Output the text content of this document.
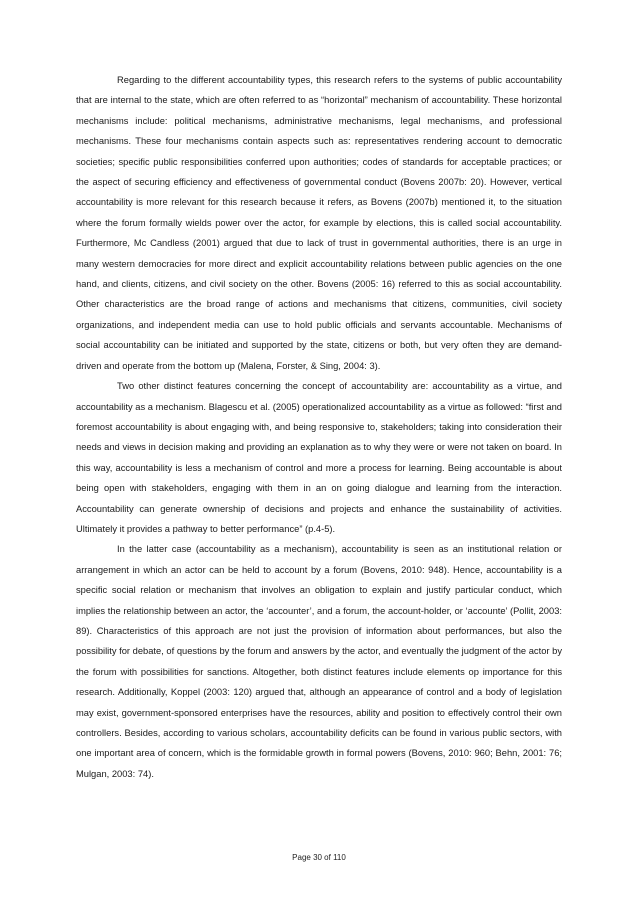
Regarding to the different accountability types, this research refers to the systems of public accountability that are internal to the state, which are often referred to as “horizontal” mechanism of accountability. These horizontal mechanisms include: political mechanisms, administrative mechanisms, legal mechanisms, and professional mechanisms. These four mechanisms contain aspects such as: representatives rendering account to democratic societies; specific public responsibilities conferred upon authorities; codes of standards for acceptable practices; or the aspect of securing efficiency and effectiveness of governmental conduct (Bovens 2007b: 20). However, vertical accountability is more relevant for this research because it refers, as Bovens (2007b) mentioned it, to the situation where the forum formally wields power over the actor, for example by elections, this is called social accountability. Furthermore, Mc Candless (2001) argued that due to lack of trust in governmental authorities, there is an urge in many western democracies for more direct and explicit accountability relations between public agencies on the one hand, and clients, citizens, and civil society on the other. Bovens (2005: 16) referred to this as social accountability. Other characteristics are the broad range of actions and mechanisms that citizens, communities, civil society organizations, and independent media can use to hold public officials and servants accountable. Mechanisms of social accountability can be initiated and supported by the state, citizens or both, but very often they are demand-driven and operate from the bottom up (Malena, Forster, & Sing, 2004: 3).

Two other distinct features concerning the concept of accountability are: accountability as a virtue, and accountability as a mechanism. Blagescu et al. (2005) operationalized accountability as a virtue as followed: “first and foremost accountability is about engaging with, and being responsive to, stakeholders; taking into consideration their needs and views in decision making and providing an explanation as to why they were or were not taken on board. In this way, accountability is less a mechanism of control and more a process for learning. Being accountable is about being open with stakeholders, engaging with them in an on going dialogue and learning from the interaction. Accountability can generate ownership of decisions and projects and enhance the sustainability of activities. Ultimately it provides a pathway to better performance” (p.4-5).

In the latter case (accountability as a mechanism), accountability is seen as an institutional relation or arrangement in which an actor can be held to account by a forum (Bovens, 2010: 948). Hence, accountability is a specific social relation or mechanism that involves an obligation to explain and justify particular conduct, which implies the relationship between an actor, the ‘accounter’, and a forum, the account-holder, or ‘accounte’ (Pollit, 2003: 89). Characteristics of this approach are not just the provision of information about performances, but also the possibility for debate, of questions by the forum and answers by the actor, and eventually the judgment of the actor by the forum with possibilities for sanctions. Altogether, both distinct features include elements op importance for this research. Additionally, Koppel (2003: 120) argued that, although an appearance of control and a body of legislation may exist, government-sponsored enterprises have the resources, ability and position to effectively control their own controllers. Besides, according to various scholars, accountability deficits can be found in various public sectors, with one important area of concern, which is the formidable growth in formal powers (Bovens, 2010: 960; Behn, 2001: 76; Mulgan, 2003: 74).

Page 30 of 110
